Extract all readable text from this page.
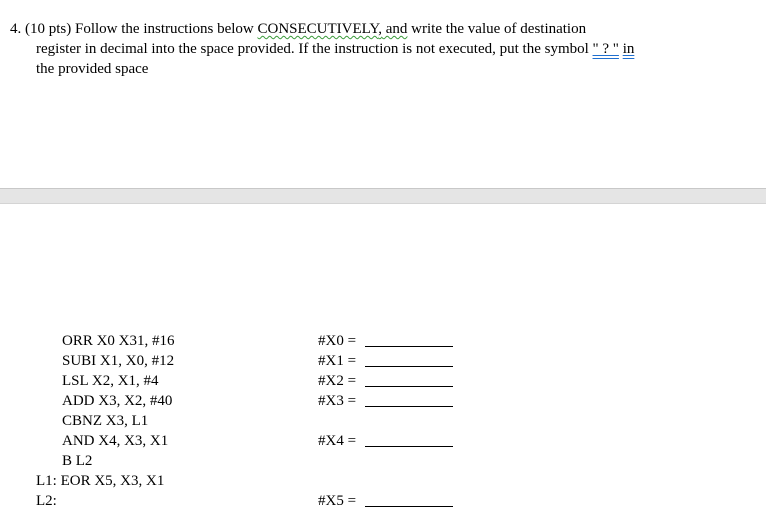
4. (10 pts) Follow the instructions below CONSECUTIVELY, and write the value of destination
register in decimal into the space provided. If the instruction is not executed, put the symbol " ? " in
the provided space
ORR X0 X31, #16
SUBI X1, X0, #12
LSL X2, X1, #4
ADD X3, X2, #40
CBNZ X3, L1
AND X4, X3, X1
B L2
L1: EOR X5, X3, X1
L2:
#X0 =
#X1 =
#X2 =
#X3 =
#X4 =
#X5 =
